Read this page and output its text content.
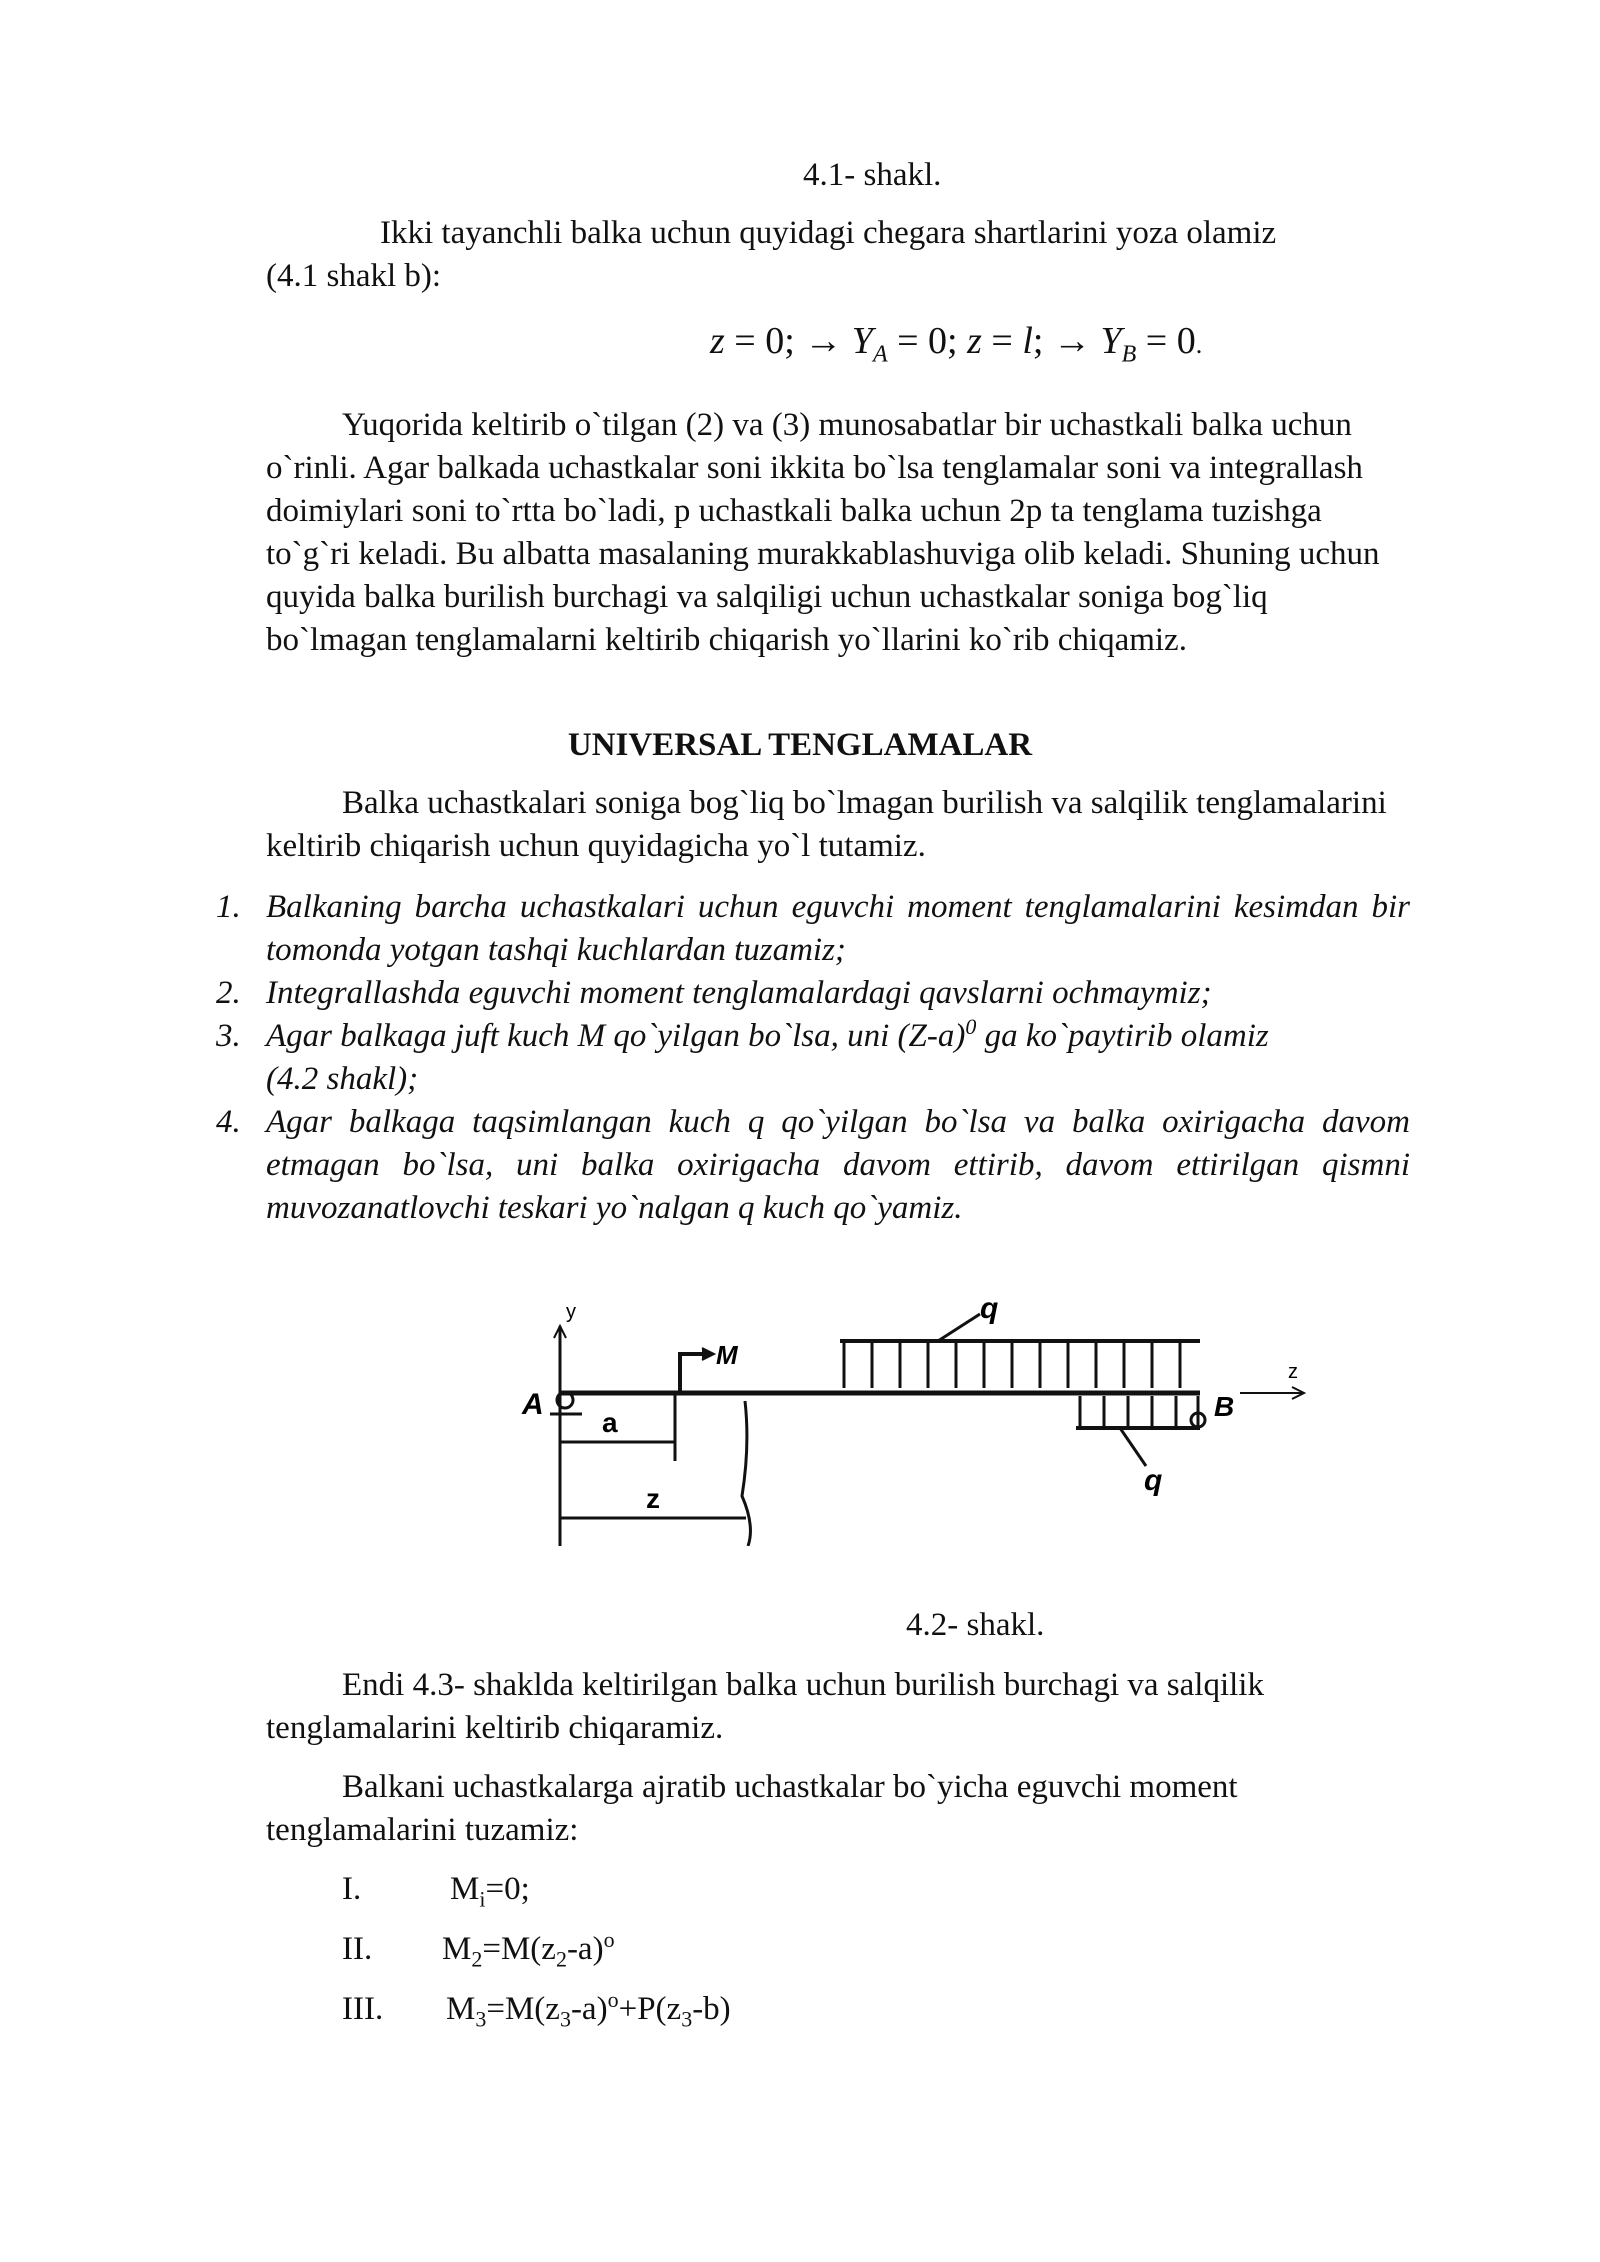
4.1- shakl.
Ikki tayanchli balka uchun quyidagi chegara shartlarini yoza olamiz
(4.1 shakl b):
z = 0; → $Y_A = 0$; z = l; → $Y_B = 0$.

Yuqorida keltirib o`tilgan (2) va (3) munosabatlar bir uchastkali balka uchun o`rinli. Agar balkada uchastkalar soni ikkita bo`lsa tenglamalar soni va integrallash doimiylari soni to`rtta bo`ladi, p uchastkali balka uchun 2p ta tenglama tuzishga to`g`ri keladi. Bu albatta masalaning murakkablashuviga olib keladi. Shuning uchun quyida balka burilish burchagi va salqiligi uchun uchastkalar soniga bog`liq bo`lmagan tenglamalarni keltirib chiqarish yo`llarini ko`rib chiqamiz.

UNIVERSAL TENGLAMALAR

Balka uchastkalari soniga bog`liq bo`lmagan burilish va salqilik tenglamalarini keltirib chiqarish uchun quyidagicha yo`l tutamiz.

1. Balkaning barcha uchastkalari uchun eguvchi moment tenglamalarini kesimdan bir tomonda yotgan tashqi kuchlardan tuzamiz;
2. Integrallashda eguvchi moment tenglamalardagi qavslarni ochmaymiz;
3. Agar balkaga juft kuch M qo`yilgan bo`lsa, uni $(Z-a)^0$ ga ko`paytirib olamiz
(4.2 shakl);
4. Agar balkaga taqsimlangan kuch q qo`yilgan bo`lsa va balka oxirigacha davom etmagan bo`lsa, uni balka oxirigacha davom ettirib, davom ettirilgan qismni muvozanatlovchi teskari yo`nalgan q kuch qo`yamiz.
y
z
A
M
a
z
q
q
B
4.2- shakl.

Endi 4.3- shaklda keltirilgan balka uchun burilish burchagi va salqilik tenglamalarini keltirib chiqaramiz.

Balkani uchastkalarga ajratib uchastkalar bo`yicha eguvchi moment tenglamalarini tuzamiz:

I.	$M_i=0$;
II. $M_2=M(z_2-a)^o$
III. $M_3=M(z_3-a)^o+P(z_3-b)$
